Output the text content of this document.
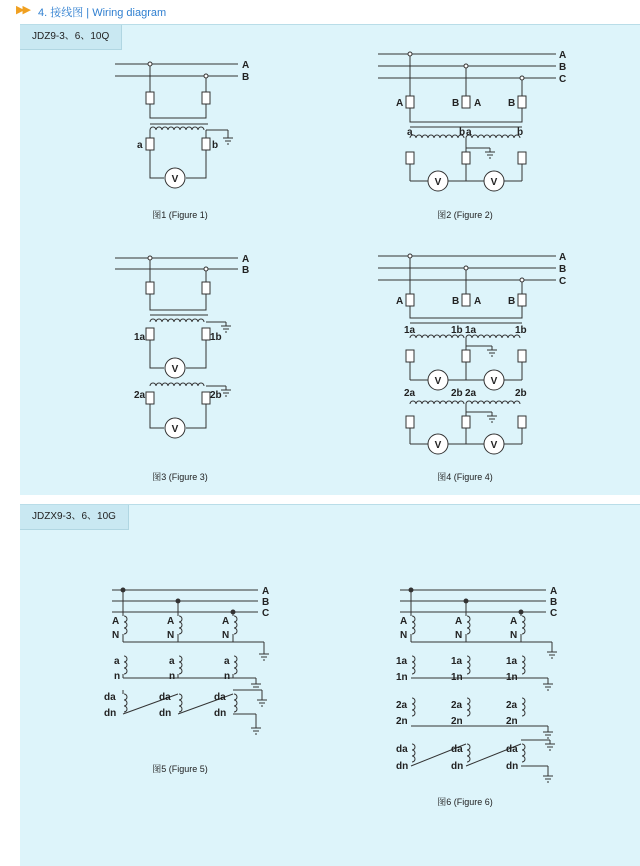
▶▶ 4. 接线图 | Wiring diagram
JDZ9-3、6、10Q
JDZX9-3、6、10G
V
V
V
V	V
V	V
V	V
A
B
a	b
A
B
1a	1b
2a	2b
A
B
C
A	B A	B
a	b a	b
A
B
C
A	B A	B
1a	1b 1a	1b
2a	2b 2a	2b
A
B
C
A	A	A
N	N	N
a	a	a
n	n	n
da	da	da
dn	dn	dn
A
B
C
A	A	A
N	N	N
1a	1a	1a
1n	1n	1n
2a	2a	2a
2n	2n	2n
da	da	da
dn	dn	dn
图1 (Figure 1)	图2 (Figure 2)
图3 (Figure 3)	图4 (Figure 4)
图5 (Figure 5)
图6 (Figure 6)
